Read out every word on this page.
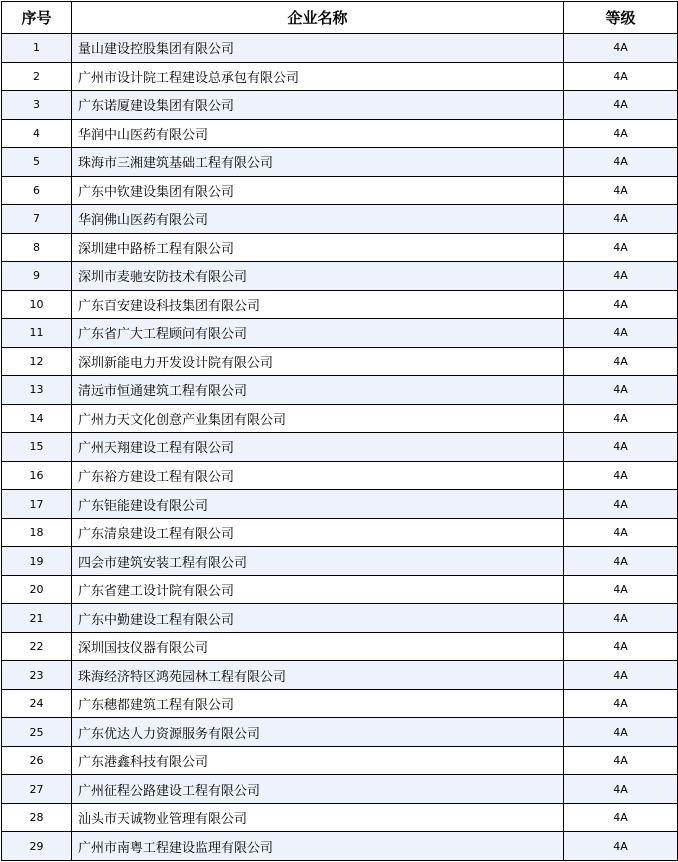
序号	企业名称	等级
1	量山建设控股集团有限公司	4A
2	广州市设计院工程建设总承包有限公司	4A
3	广东诺厦建设集团有限公司	4A
4	华润中山医药有限公司	4A
5	珠海市三湘建筑基础工程有限公司	4A
6	广东中钦建设集团有限公司	4A
7	华润佛山医药有限公司	4A
8	深圳建中路桥工程有限公司	4A
9	深圳市麦驰安防技术有限公司	4A
10	广东百安建设科技集团有限公司	4A
11	广东省广大工程顾问有限公司	4A
12	深圳新能电力开发设计院有限公司	4A
13	清远市恒通建筑工程有限公司	4A
14	广州力天文化创意产业集团有限公司	4A
15	广州天翔建设工程有限公司	4A
16	广东裕方建设工程有限公司	4A
17	广东钜能建设有限公司	4A
18	广东清泉建设工程有限公司	4A
19	四会市建筑安装工程有限公司	4A
20	广东省建工设计院有限公司	4A
21	广东中勤建设工程有限公司	4A
22	深圳国技仪器有限公司	4A
23	珠海经济特区鸿苑园林工程有限公司	4A
24	广东穗都建筑工程有限公司	4A
25	广东优达人力资源服务有限公司	4A
26	广东港鑫科技有限公司	4A
27	广州征程公路建设工程有限公司	4A
28	汕头市天诚物业管理有限公司	4A
29	广州市南粤工程建设监理有限公司	4A
